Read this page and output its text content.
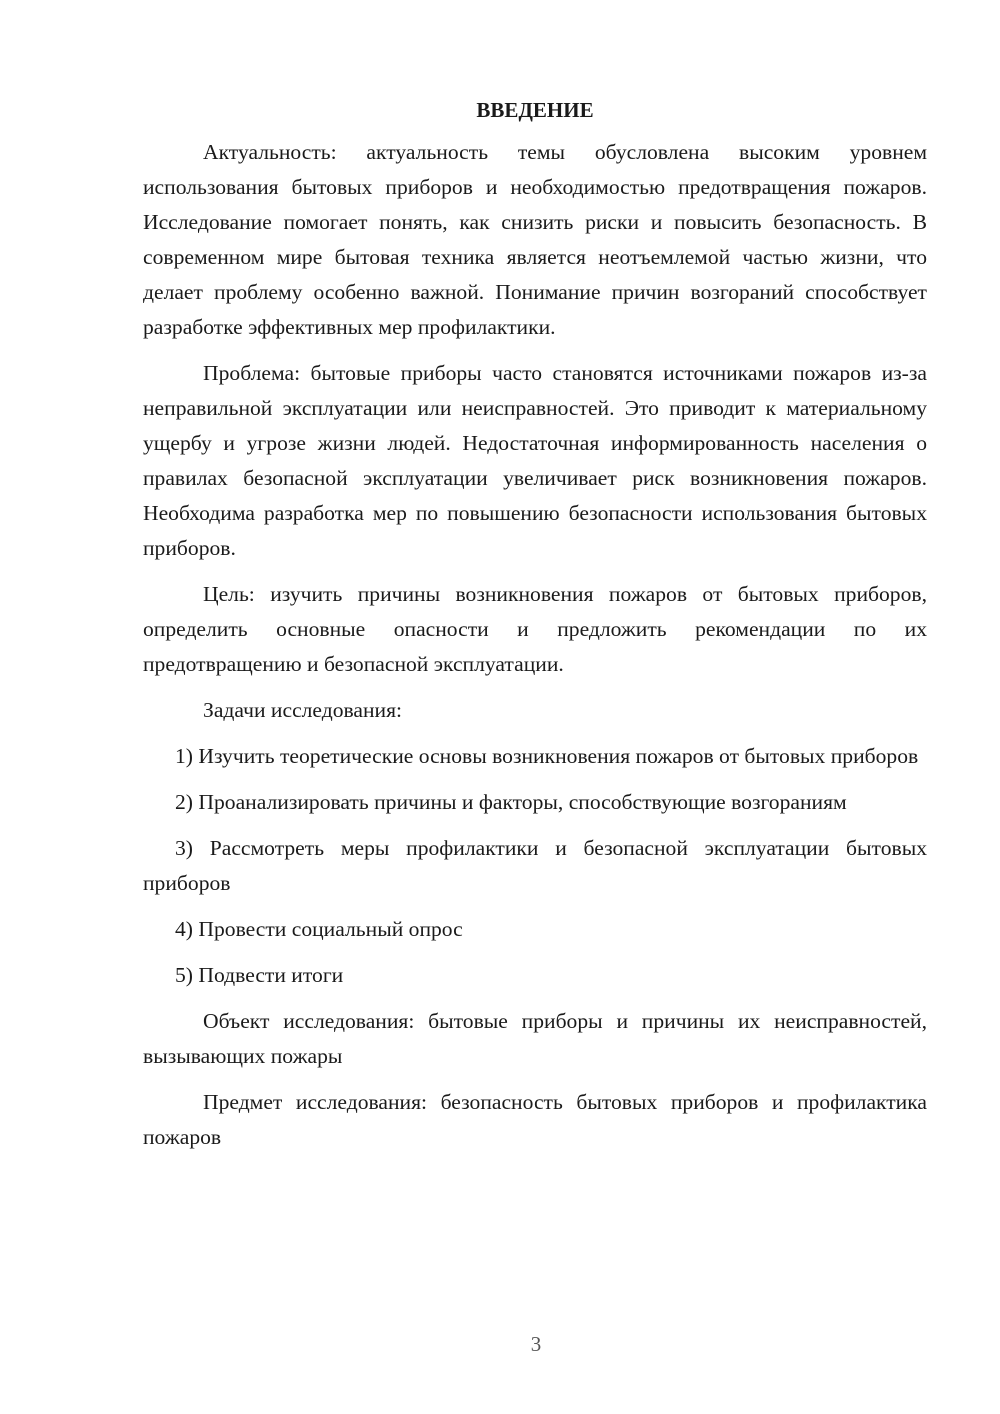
ВВЕДЕНИЕ

Актуальность: актуальность темы обусловлена высоким уровнем использования бытовых приборов и необходимостью предотвращения пожаров. Исследование помогает понять, как снизить риски и повысить безопасность. В современном мире бытовая техника является неотъемлемой частью жизни, что делает проблему особенно важной. Понимание причин возгораний способствует разработке эффективных мер профилактики.

Проблема: бытовые приборы часто становятся источниками пожаров из-за неправильной эксплуатации или неисправностей. Это приводит к материальному ущербу и угрозе жизни людей. Недостаточная информированность населения о правилах безопасной эксплуатации увеличивает риск возникновения пожаров. Необходима разработка мер по повышению безопасности использования бытовых приборов.

Цель: изучить причины возникновения пожаров от бытовых приборов, определить основные опасности и предложить рекомендации по их предотвращению и безопасной эксплуатации.

Задачи исследования:

1) Изучить теоретические основы возникновения пожаров от бытовых приборов

2) Проанализировать причины и факторы, способствующие возгораниям

3) Рассмотреть меры профилактики и безопасной эксплуатации бытовых приборов

4) Провести социальный опрос

5) Подвести итоги

Объект исследования: бытовые приборы и причины их неисправностей, вызывающих пожары

Предмет исследования: безопасность бытовых приборов и профилактика пожаров

3
